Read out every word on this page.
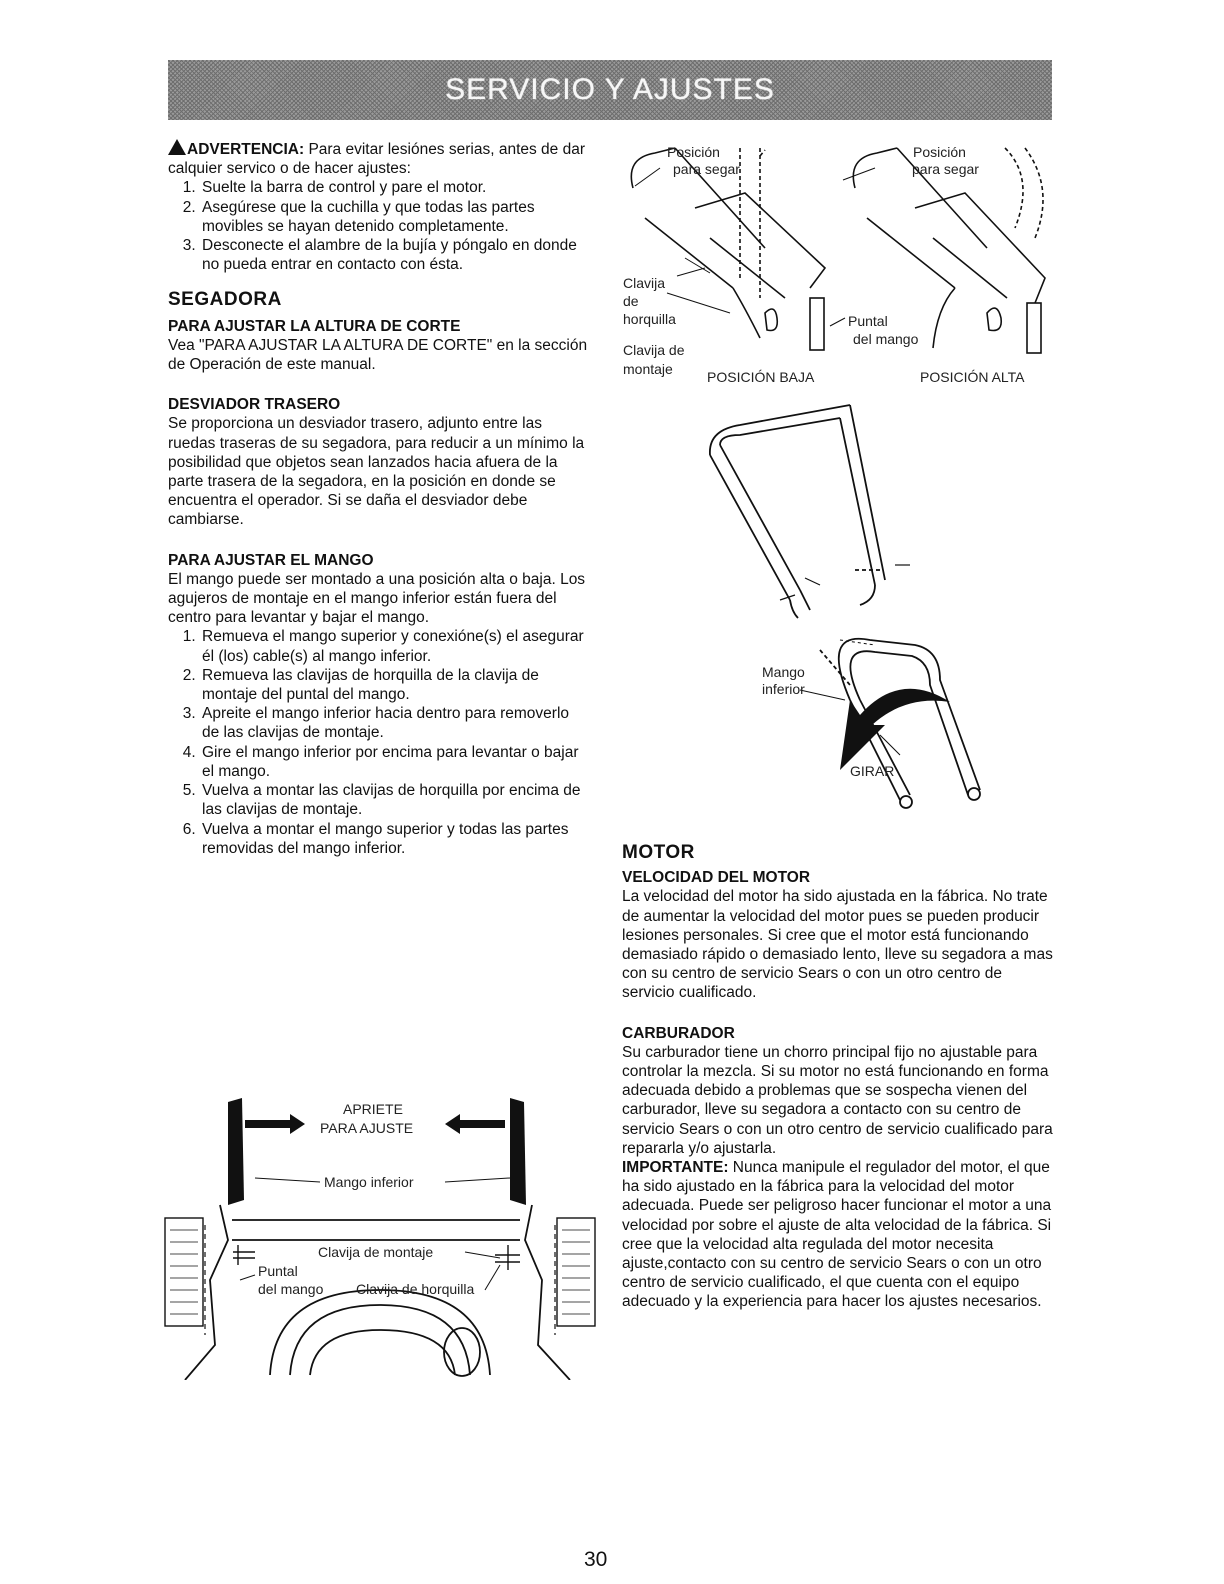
SERVICIO Y AJUSTES

ADVERTENCIA: Para evitar lesiónes serias, antes de dar calquier servico o de hacer ajustes:

1. Suelte la barra de control y pare el motor.
2. Asegúrese que la cuchilla y que todas las partes movibles se hayan detenido completamente.
3. Desconecte el alambre de la bujía y póngalo en donde no pueda entrar en contacto con ésta.
SEGADORA
PARA AJUSTAR LA ALTURA DE CORTE

Vea "PARA AJUSTAR LA ALTURA DE CORTE" en la sección de Operación de este manual.

DESVIADOR TRASERO

Se proporciona un desviador trasero, adjunto entre las ruedas traseras de su segadora, para reducir a un mínimo la posibilidad que objetos sean lanzados hacia afuera de la parte trasera de la segadora, en la posición en donde se encuentra el operador. Si se daña el desviador debe cambiarse.

PARA AJUSTAR EL MANGO

El mango puede ser montado a una posición alta o baja. Los agujeros de montaje en el mango inferior están fuera del centro para levantar y bajar el mango.

1. Remueva el mango superior y conexióne(s) el asegurar él (los) cable(s) al mango inferior.
2. Remueva las clavijas de horquilla de la clavija de montaje del puntal del mango.
3. Apreite el mango inferior hacia dentro para removerlo de las clavijas de montaje.
4. Gire el mango inferior por encima para levantar o bajar el mango.
5. Vuelva a montar las clavijas de horquilla por encima de las clavijas de montaje.
6. Vuelva a montar el mango superior y todas las partes removidas del mango inferior.
Posición
para segar
Posición
para segar
Clavija
de
horquilla
Clavija de
montaje
Puntal
del mango
POSICIÓN BAJA	POSICIÓN ALTA
Mango
inferior
GIRAR
APRIETE
PARA AJUSTE
Mango inferior
Clavija de montaje
Puntal
del mango Clavija de horquilla
MOTOR
VELOCIDAD DEL MOTOR

La velocidad del motor ha sido ajustada en la fábrica. No trate de aumentar la velocidad del motor pues se pueden producir lesiones personales. Si cree que el motor está funcionando demasiado rápido o demasiado lento, lleve su segadora a mas con su centro de servicio Sears o con un otro centro de servicio cualificado.

CARBURADOR

Su carburador tiene un chorro principal fijo no ajustable para controlar la mezcla. Si su motor no está funcionando en forma adecuada debido a problemas que se sospecha vienen del carburador, lleve su segadora a contacto con su centro de servicio Sears o con un otro centro de servicio cualificado para repararla y/o ajustarla.

IMPORTANTE: Nunca manipule el regulador del motor, el que ha sido ajustado en la fábrica para la velocidad del motor adecuada. Puede ser peligroso hacer funcionar el motor a una velocidad por sobre el ajuste de alta velocidad de la fábrica. Si cree que la velocidad alta regulada del motor necesita ajuste,contacto con su centro de servicio Sears o con un otro centro de servicio cualificado, el que cuenta con el equipo adecuado y la experiencia para hacer los ajustes necesarios.

30
